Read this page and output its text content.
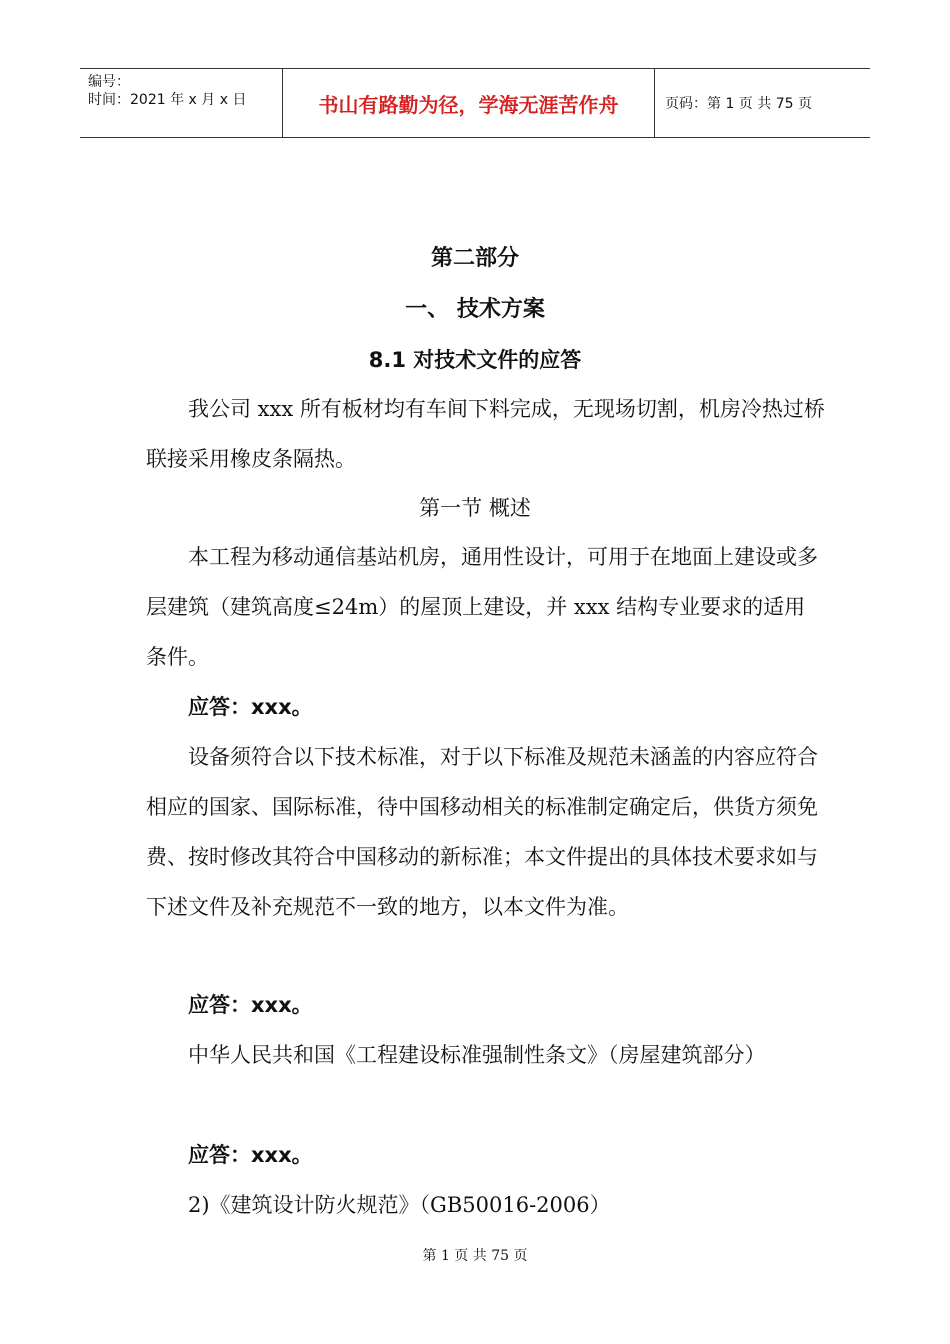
编号：
时间：2021 年 x 月 x 日	书山有路勤为径，学海无涯苦作舟	页码：第 1 页 共 75 页
第二部分
一、 技术方案
8.1 对技术文件的应答
我公司 xxx 所有板材均有车间下料完成，无现场切割，机房冷热过桥联接采用橡皮条隔热。
第一节 概述
本工程为移动通信基站机房，通用性设计，可用于在地面上建设或多层建筑（建筑高度≤24m）的屋顶上建设，并 xxx 结构专业要求的适用条件。
应答：xxx。
设备须符合以下技术标准，对于以下标准及规范未涵盖的内容应符合相应的国家、国际标准，待中国移动相关的标准制定确定后，供货方须免费、按时修改其符合中国移动的新标准；本文件提出的具体技术要求如与下述文件及补充规范不一致的地方，以本文件为准。
应答：xxx。
中华人民共和国《工程建设标准强制性条文》（房屋建筑部分）
应答：xxx。
2)《建筑设计防火规范》（GB50016-2006）
第 1 页 共 75 页
